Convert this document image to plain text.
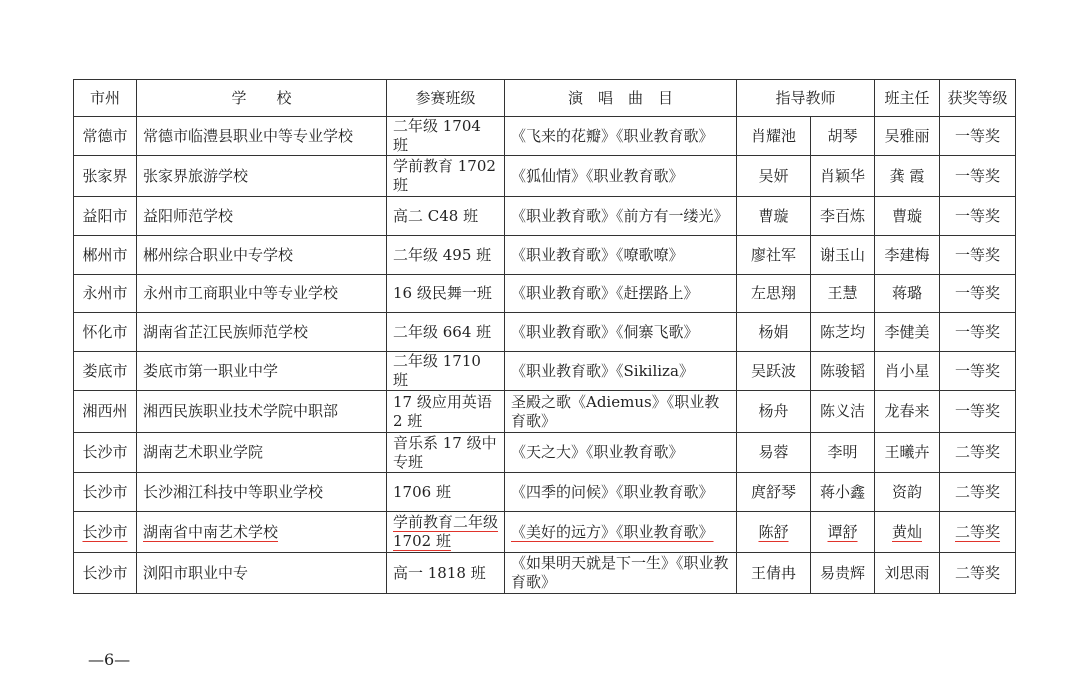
市州	学　　校	参赛班级	演　唱　曲　目	指导教师		班主任	获奖等级
常德市	常德市临澧县职业中等专业学校	二年级 1704 班	《飞来的花瓣》《职业教育歌》	肖耀池	胡琴	吴雅丽	一等奖
张家界	张家界旅游学校	学前教育 1702 班	《狐仙情》《职业教育歌》	吴妍	肖颖华	龚 霞	一等奖
益阳市	益阳师范学校	高二 C48 班	《职业教育歌》《前方有一缕光》	曹璇	李百炼	曹璇	一等奖
郴州市	郴州综合职业中专学校	二年级 495 班	《职业教育歌》《嘹歌嘹》	廖社军	谢玉山	李建梅	一等奖
永州市	永州市工商职业中等专业学校	16 级民舞一班	《职业教育歌》《赶摆路上》	左思翔	王慧	蒋璐	一等奖
怀化市	湖南省芷江民族师范学校	二年级 664 班	《职业教育歌》《侗寨飞歌》	杨娟	陈芝均	李健美	一等奖
娄底市	娄底市第一职业中学	二年级 1710 班	《职业教育歌》《Sikiliza》	吴跃波	陈骏韬	肖小星	一等奖
湘西州	湘西民族职业技术学院中职部	17 级应用英语 2 班	圣殿之歌《Adiemus》《职业教育歌》	杨舟	陈义洁	龙春来	一等奖
长沙市	湖南艺术职业学院	音乐系 17 级中专班	《天之大》《职业教育歌》	易蓉	李明	王曦卉	二等奖
长沙市	长沙湘江科技中等职业学校	1706 班	《四季的问候》《职业教育歌》	庹舒琴	蒋小鑫	资韵	二等奖
长沙市	湖南省中南艺术学校	学前教育二年级 1702 班	《美好的远方》《职业教育歌》	陈舒	谭舒	黄灿	二等奖
长沙市	浏阳市职业中专	高一 1818 班	《如果明天就是下一生》《职业教育歌》	王倩冉	易贵辉	刘思雨	二等奖
—6—
